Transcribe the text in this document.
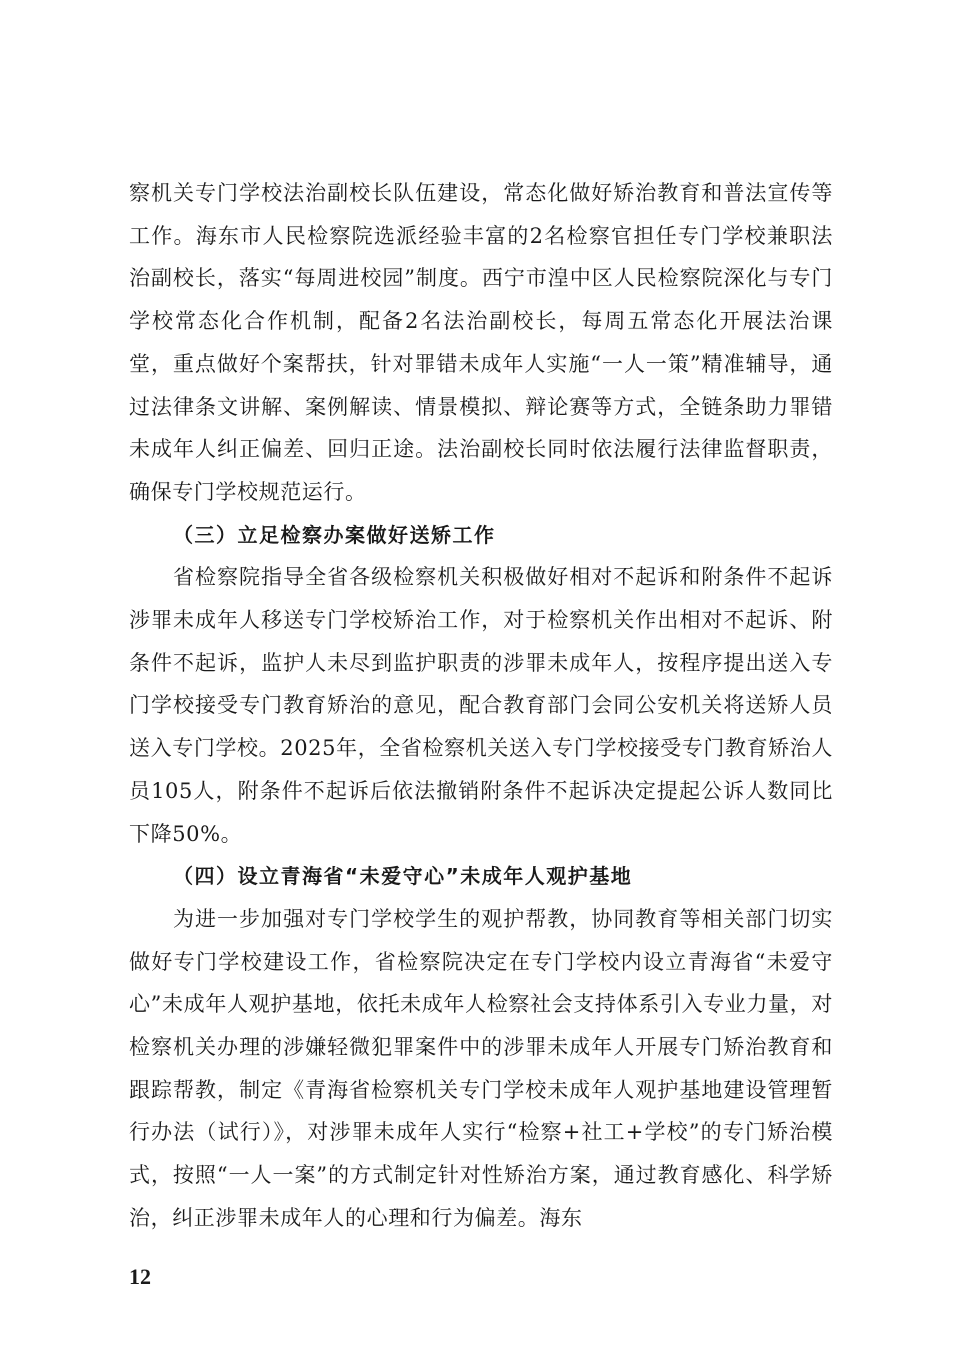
察机关专门学校法治副校长队伍建设，常态化做好矫治教育和普法宣传等工作。海东市人民检察院选派经验丰富的2名检察官担任专门学校兼职法治副校长，落实“每周进校园”制度。西宁市湟中区人民检察院深化与专门学校常态化合作机制，配备2名法治副校长，每周五常态化开展法治课堂，重点做好个案帮扶，针对罪错未成年人实施“一人一策”精准辅导，通过法律条文讲解、案例解读、情景模拟、辩论赛等方式，全链条助力罪错未成年人纠正偏差、回归正途。法治副校长同时依法履行法律监督职责，确保专门学校规范运行。

（三）立足检察办案做好送矫工作

省检察院指导全省各级检察机关积极做好相对不起诉和附条件不起诉涉罪未成年人移送专门学校矫治工作，对于检察机关作出相对不起诉、附条件不起诉，监护人未尽到监护职责的涉罪未成年人，按程序提出送入专门学校接受专门教育矫治的意见，配合教育部门会同公安机关将送矫人员送入专门学校。2025年，全省检察机关送入专门学校接受专门教育矫治人员105人，附条件不起诉后依法撤销附条件不起诉决定提起公诉人数同比下降50%。

（四）设立青海省“未爱守心”未成年人观护基地

为进一步加强对专门学校学生的观护帮教，协同教育等相关部门切实做好专门学校建设工作，省检察院决定在专门学校内设立青海省“未爱守心”未成年人观护基地，依托未成年人检察社会支持体系引入专业力量，对检察机关办理的涉嫌轻微犯罪案件中的涉罪未成年人开展专门矫治教育和跟踪帮教，制定《青海省检察机关专门学校未成年人观护基地建设管理暂行办法（试行）》，对涉罪未成年人实行“检察+社工+学校”的专门矫治模式，按照“一人一案”的方式制定针对性矫治方案，通过教育感化、科学矫治，纠正涉罪未成年人的心理和行为偏差。海东

12
